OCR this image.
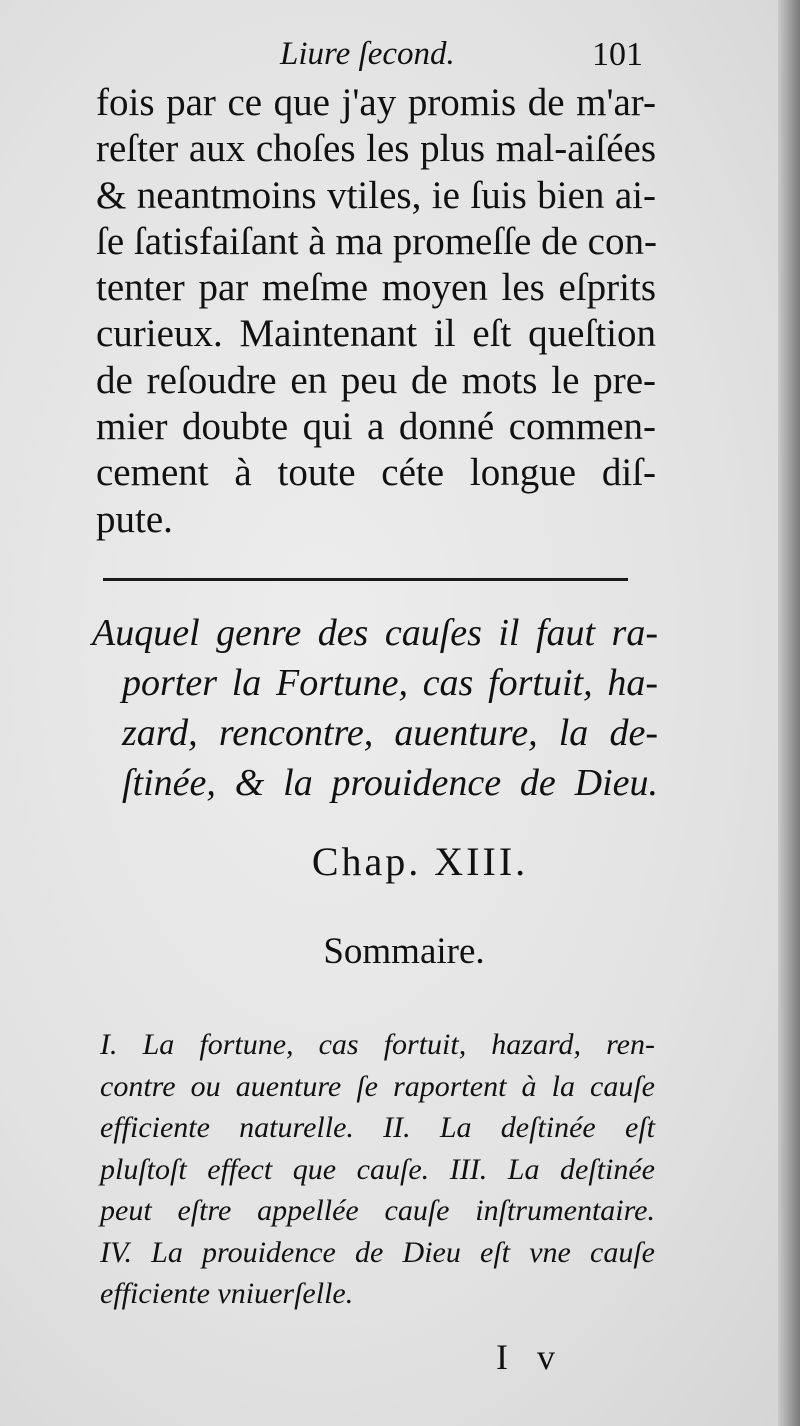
Liure ſecond.	101
fois par ce que j'ay promis de m'ar-
reſter aux choſes les plus mal-aiſées
& neantmoins vtiles, ie ſuis bien ai-
ſe ſatisfaiſant à ma promeſſe de con-
tenter par meſme moyen les eſprits
curieux. Maintenant il eſt queſtion
de reſoudre en peu de mots le pre-
mier doubte qui a donné commen-
cement à toute céte longue diſ-
pute.
Auquel genre des cauſes il faut ra-
porter la Fortune, cas fortuit, ha-
zard, rencontre, auenture, la de-
ſtinée, & la prouidence de Dieu.
Chap. XIII.
Sommaire.
I. La fortune, cas fortuit, hazard, ren-
contre ou auenture ſe raportent à la cauſe
efficiente naturelle. II. La deſtinée eſt
pluſtoſt effect que cauſe. III. La deſtinée
peut eſtre appellée cauſe inſtrumentaire.
IV. La prouidence de Dieu eſt vne cauſe
efficiente vniuerſelle.
I v
